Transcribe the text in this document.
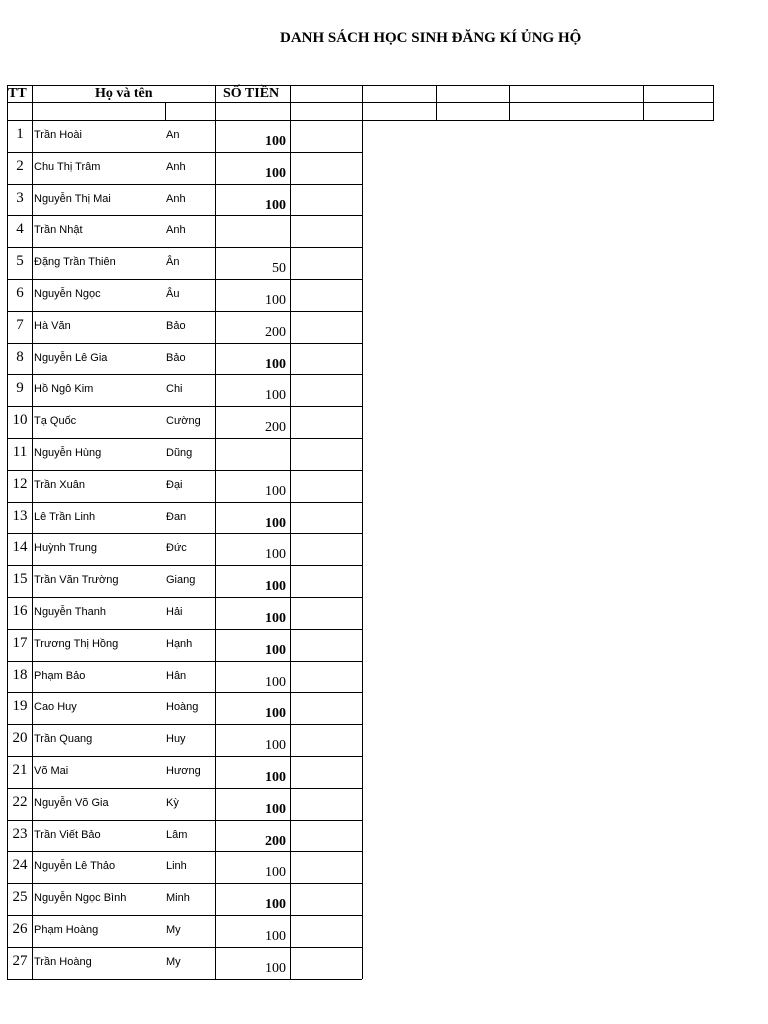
DANH SÁCH HỌC SINH ĐĂNG KÍ ỦNG HỘ
TT	Họ và tên	SỐ TIỀN
1 Trần Hoài	An	100
2 Chu Thị Trâm	Anh	100
3 Nguyễn Thị Mai	Anh	100
4 Trần Nhật	Anh
5 Đặng Trần Thiên	Ân	50
6 Nguyễn Ngọc	Âu	100
7 Hà Văn	Bảo	200
8 Nguyễn Lê Gia	Bảo	100
9 Hồ Ngô Kim	Chi	100
10 Tạ Quốc	Cường	200
11 Nguyễn Hùng	Dũng
12 Trần Xuân	Đại	100
13 Lê Trần Linh	Đan	100
14 Huỳnh Trung	Đức	100
15 Trần Văn Trường	Giang	100
16 Nguyễn Thanh	Hải	100
17 Trương Thị Hồng	Hạnh	100
18 Phạm Bảo	Hân	100
19 Cao Huy	Hoàng	100
20 Trần Quang	Huy	100
21 Võ Mai	Hương	100
22 Nguyễn Võ Gia	Kỳ	100
23 Trần Viết Bảo	Lâm	200
24 Nguyễn Lê Thảo	Linh	100
25 Nguyễn Ngọc Bình	Minh	100
26 Phạm Hoàng	My	100
27 Trần Hoàng	My	100
